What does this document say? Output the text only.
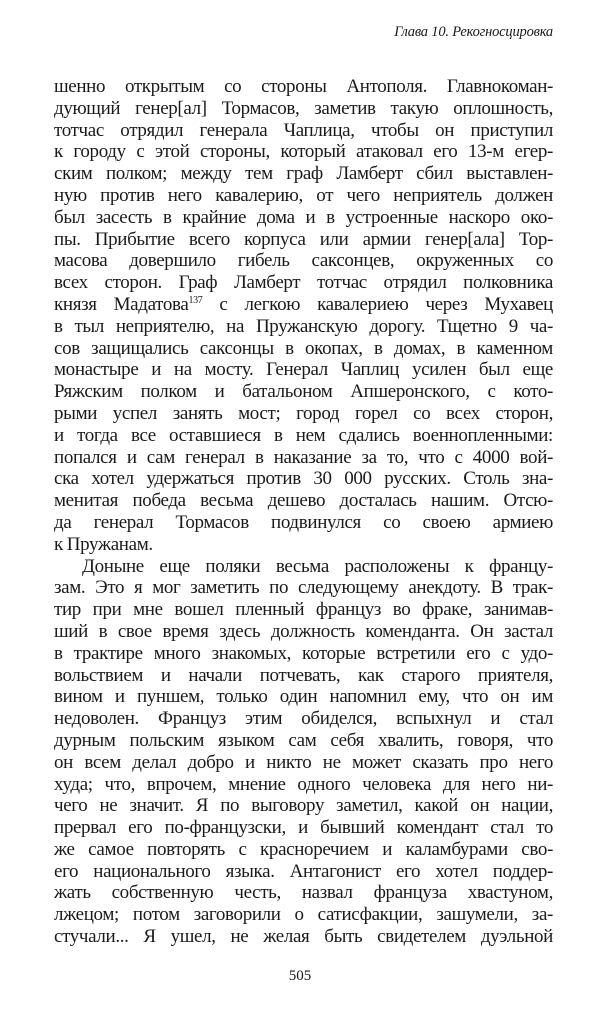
Глава 10. Рекогносцировка
шенно открытым со стороны Антополя. Главнокоман-
дующий генер[ал] Тормасов, заметив такую оплошность,
тотчас отрядил генерала Чаплица, чтобы он приступил
к городу с этой стороны, который атаковал его 13-м егер-
ским полком; между тем граф Ламберт сбил выставлен-
ную против него кавалерию, от чего неприятель должен
был засесть в крайние дома и в устроенные наскоро око-
пы. Прибытие всего корпуса или армии генер[ала] Тор-
масова довершило гибель саксонцев, окруженных со
всех сторон. Граф Ламберт тотчас отрядил полковника
князя Мадатова$^{137}$ с легкою кавалериею через Мухавец
в тыл неприятелю, на Пружанскую дорогу. Тщетно 9 ча-
сов защищались саксонцы в окопах, в домах, в каменном
монастыре и на мосту. Генерал Чаплиц усилен был еще
Ряжским полком и батальоном Апшеронского, с кото-
рыми успел занять мост; город горел со всех сторон,
и тогда все оставшиеся в нем сдались военнопленными:
попался и сам генерал в наказание за то, что с 4000 вой-
ска хотел удержаться против 30 000 русских. Столь зна-
менитая победа весьма дешево досталась нашим. Отсю-
да генерал Тормасов подвинулся со своею армиею
к Пружанам.
Доныне еще поляки весьма расположены к францу-
зам. Это я мог заметить по следующему анекдоту. В трак-
тир при мне вошел пленный француз во фраке, занимав-
ший в свое время здесь должность коменданта. Он застал
в трактире много знакомых, которые встретили его с удо-
вольствием и начали потчевать, как старого приятеля,
вином и пуншем, только один напомнил ему, что он им
недоволен. Француз этим обиделся, вспыхнул и стал
дурным польским языком сам себя хвалить, говоря, что
он всем делал добро и никто не может сказать про него
худа; что, впрочем, мнение одного человека для него ни-
чего не значит. Я по выговору заметил, какой он нации,
прервал его по-французски, и бывший комендант стал то
же самое повторять с красноречием и каламбурами сво-
его национального языка. Антагонист его хотел поддер-
жать собственную честь, назвал француза хвастуном,
лжецом; потом заговорили о сатисфакции, зашумели, за-
стучали... Я ушел, не желая быть свидетелем дуэльной
505
